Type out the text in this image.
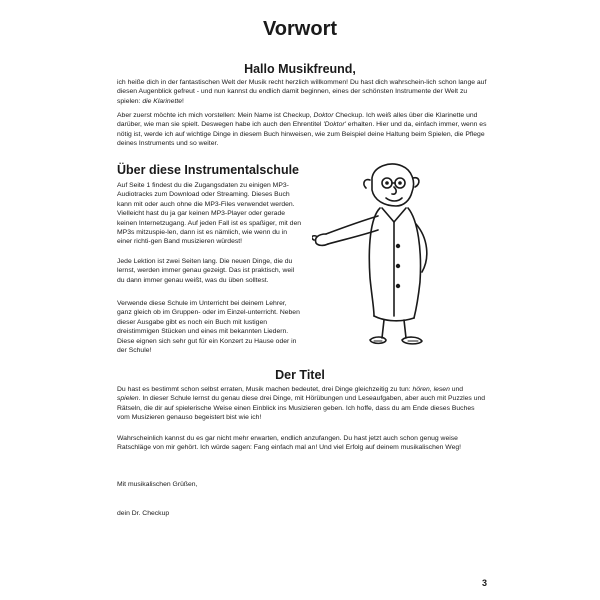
Vorwort
Hallo Musikfreund,

ich heiße dich in der fantastischen Welt der Musik recht herzlich willkommen! Du hast dich wahrschein-lich schon lange auf diesen Augenblick gefreut - und nun kannst du endlich damit beginnen, eines der schönsten Instrumente der Welt zu spielen: die Klarinette!

Aber zuerst möchte ich mich vorstellen: Mein Name ist Checkup, Doktor Checkup. Ich weiß alles über die Klarinette und darüber, wie man sie spielt. Deswegen habe ich auch den Ehrentitel 'Doktor' erhalten. Hier und da, einfach immer, wenn es nötig ist, werde ich auf wichtige Dinge in diesem Buch hinweisen, wie zum Beispiel deine Haltung beim Spielen, die Pflege deines Instruments und so weiter.

Über diese Instrumentalschule

Auf Seite 1 findest du die Zugangsdaten zu einigen MP3-Audiotracks zum Download oder Streaming. Dieses Buch kann mit oder auch ohne die MP3-Files verwendet werden. Vielleicht hast du ja gar keinen MP3-Player oder gerade keinen Internetzugang. Auf jeden Fall ist es spaßiger, mit den MP3s mitzuspie-len, dann ist es nämlich, wie wenn du in einer richti-gen Band musizieren würdest!

Jede Lektion ist zwei Seiten lang. Die neuen Dinge, die du lernst, werden immer genau gezeigt. Das ist praktisch, weil du dann immer genau weißt, was du üben solltest.

Verwende diese Schule im Unterricht bei deinem Lehrer, ganz gleich ob im Gruppen- oder im Einzel-unterricht. Neben dieser Ausgabe gibt es noch ein Buch mit lustigen dreistimmigen Stücken und eines mit bekannten Liedern. Diese eignen sich sehr gut für ein Konzert zu Hause oder in der Schule!

Der Titel

Du hast es bestimmt schon selbst erraten, Musik machen bedeutet, drei Dinge gleichzeitig zu tun: hören, lesen und spielen. In dieser Schule lernst du genau diese drei Dinge, mit Hörübungen und Leseaufgaben, aber auch mit Puzzles und Rätseln, die dir auf spielerische Weise einen Einblick ins Musizieren geben. Ich hoffe, dass du am Ende dieses Buches vom Musizieren genauso begeistert bist wie ich!

Wahrscheinlich kannst du es gar nicht mehr erwarten, endlich anzufangen. Du hast jetzt auch schon genug weise Ratschläge von mir gehört. Ich würde sagen: Fang einfach mal an! Und viel Erfolg auf deinem musikalischen Weg!

Mit musikalischen Grüßen,

dein Dr. Checkup

3
